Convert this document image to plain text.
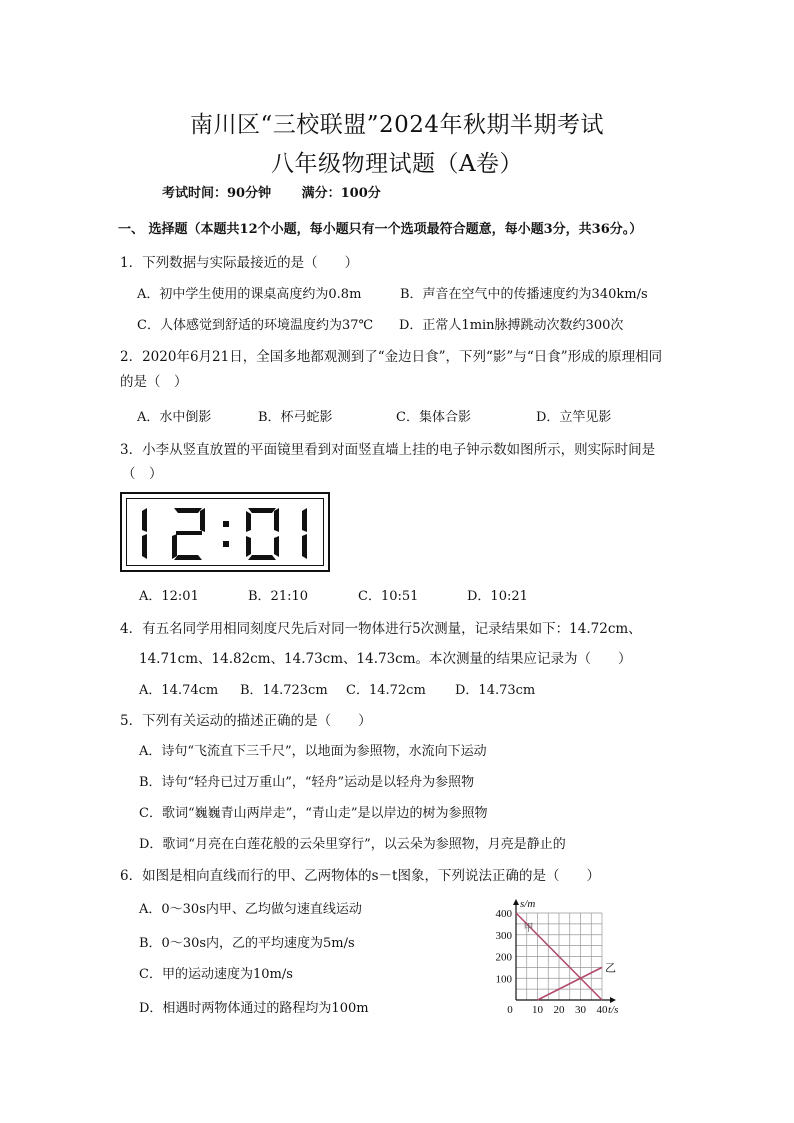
南川区“三校联盟”2024年秋期半期考试
八年级物理试题（A卷）
考试时间：90分钟 满分：100分
一、 选择题（本题共12个小题，每小题只有一个选项最符合题意，每小题3分，共36分。）
1．下列数据与实际最接近的是（　　）
A．初中学生使用的课桌高度约为0.8m	B．声音在空气中的传播速度约为340km/s
C．人体感觉到舒适的环境温度约为37℃ D．正常人1min脉搏跳动次数约300次
2．2020年6月21日，全国多地都观测到了“金边日食”，下列“影”与“日食”形成的原理相同
的是（　）
A．水中倒影	B．杯弓蛇影	C．集体合影	D．立竿见影
3．小李从竖直放置的平面镜里看到对面竖直墙上挂的电子钟示数如图所示，则实际时间是
（　）
A．12:01	B．21:10	C．10:51	D．10:21
4．有五名同学用相同刻度尺先后对同一物体进行5次测量，记录结果如下：14.72cm、
14.71cm、14.82cm、14.73cm、14.73cm。本次测量的结果应记录为（　　）
A．14.74cm B．14.723cm C．14.72cm D．14.73cm
5．下列有关运动的描述正确的是（　　）
A．诗句“飞流直下三千尺”，以地面为参照物，水流向下运动
B．诗句“轻舟已过万重山”，“轻舟”运动是以轻舟为参照物
C．歌词“巍巍青山两岸走”，“青山走”是以岸边的树为参照物
D．歌词“月亮在白莲花般的云朵里穿行”，以云朵为参照物，月亮是静止的
6．如图是相向直线而行的甲、乙两物体的s－t图象，下列说法正确的是（　　）
A．0～30s内甲、乙均做匀速直线运动
B．0～30s内，乙的平均速度为5m/s
C．甲的运动速度为10m/s
D．相遇时两物体通过的路程均为100m
400
300
200
100
0 10 20 30 40
s/m
t/s
甲
乙
